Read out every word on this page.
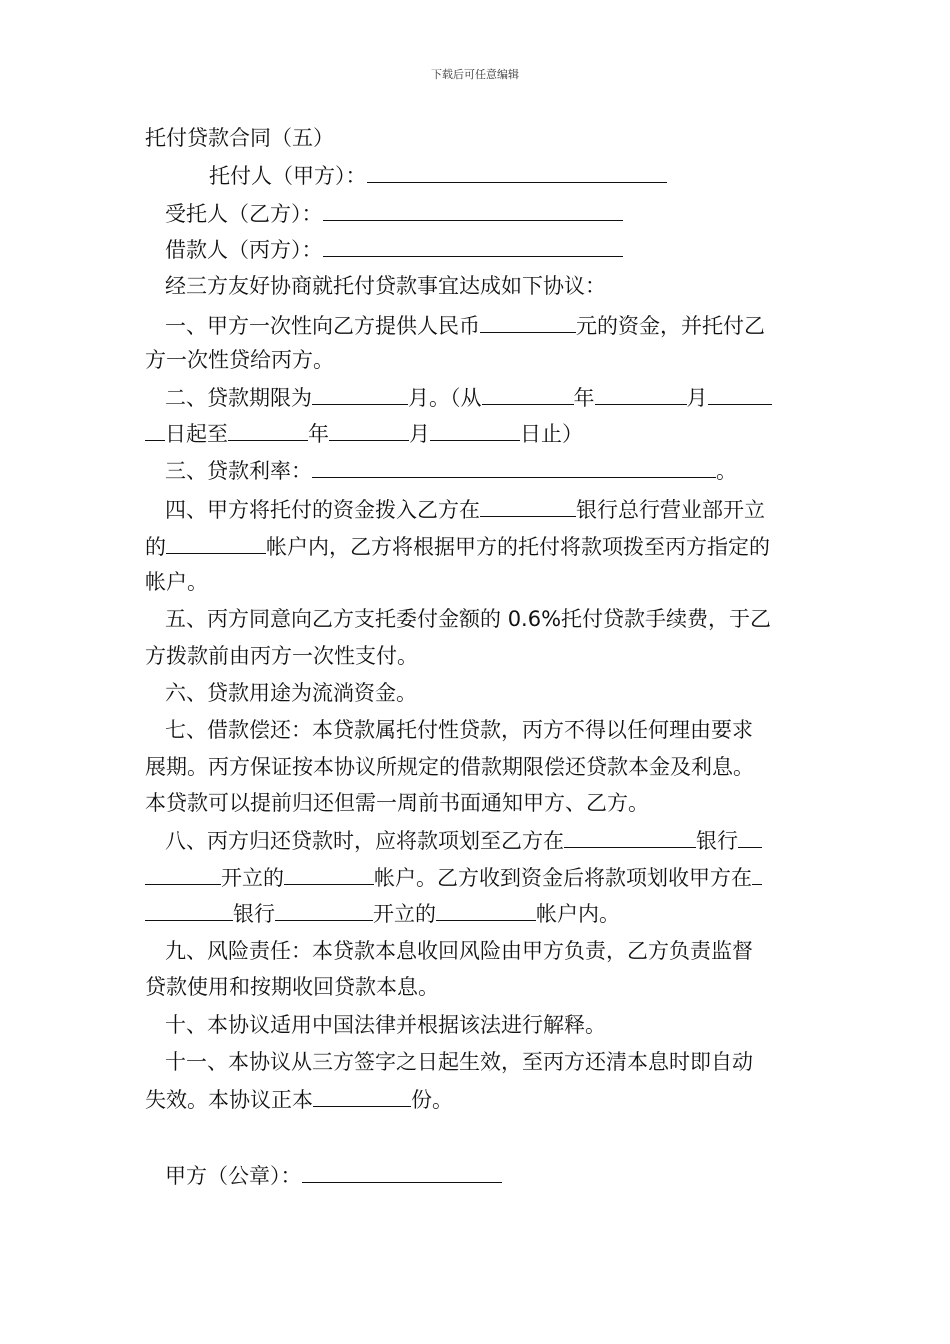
下载后可任意编辑
托付贷款合同（五）
托付人（甲方）：
受托人（乙方）：
借款人（丙方）：
经三方友好协商就托付贷款事宜达成如下协议：
一、甲方一次性向乙方提供人民币	元的资金，并托付乙
方一次性贷给丙方。
二、贷款期限为	月。（从	年	月
日起至	年	月	日止）
三、贷款利率：	。
四、甲方将托付的资金拨入乙方在	银行总行营业部开立
的	帐户内，乙方将根据甲方的托付将款项拨至丙方指定的
帐户。
五、丙方同意向乙方支托委付金额的 0.6%托付贷款手续费，于乙
方拨款前由丙方一次性支付。
六、贷款用途为流淌资金。
七、借款偿还：本贷款属托付性贷款，丙方不得以任何理由要求
展期。丙方保证按本协议所规定的借款期限偿还贷款本金及利息。
本贷款可以提前归还但需一周前书面通知甲方、乙方。
八、丙方归还贷款时，应将款项划至乙方在	银行
开立的	帐户。乙方收到资金后将款项划收甲方在
银行	开立的	帐户内。
九、风险责任：本贷款本息收回风险由甲方负责，乙方负责监督
贷款使用和按期收回贷款本息。
十、本协议适用中国法律并根据该法进行解释。
十一、本协议从三方签字之日起生效，至丙方还清本息时即自动
失效。本协议正本	份。
甲方（公章）：
